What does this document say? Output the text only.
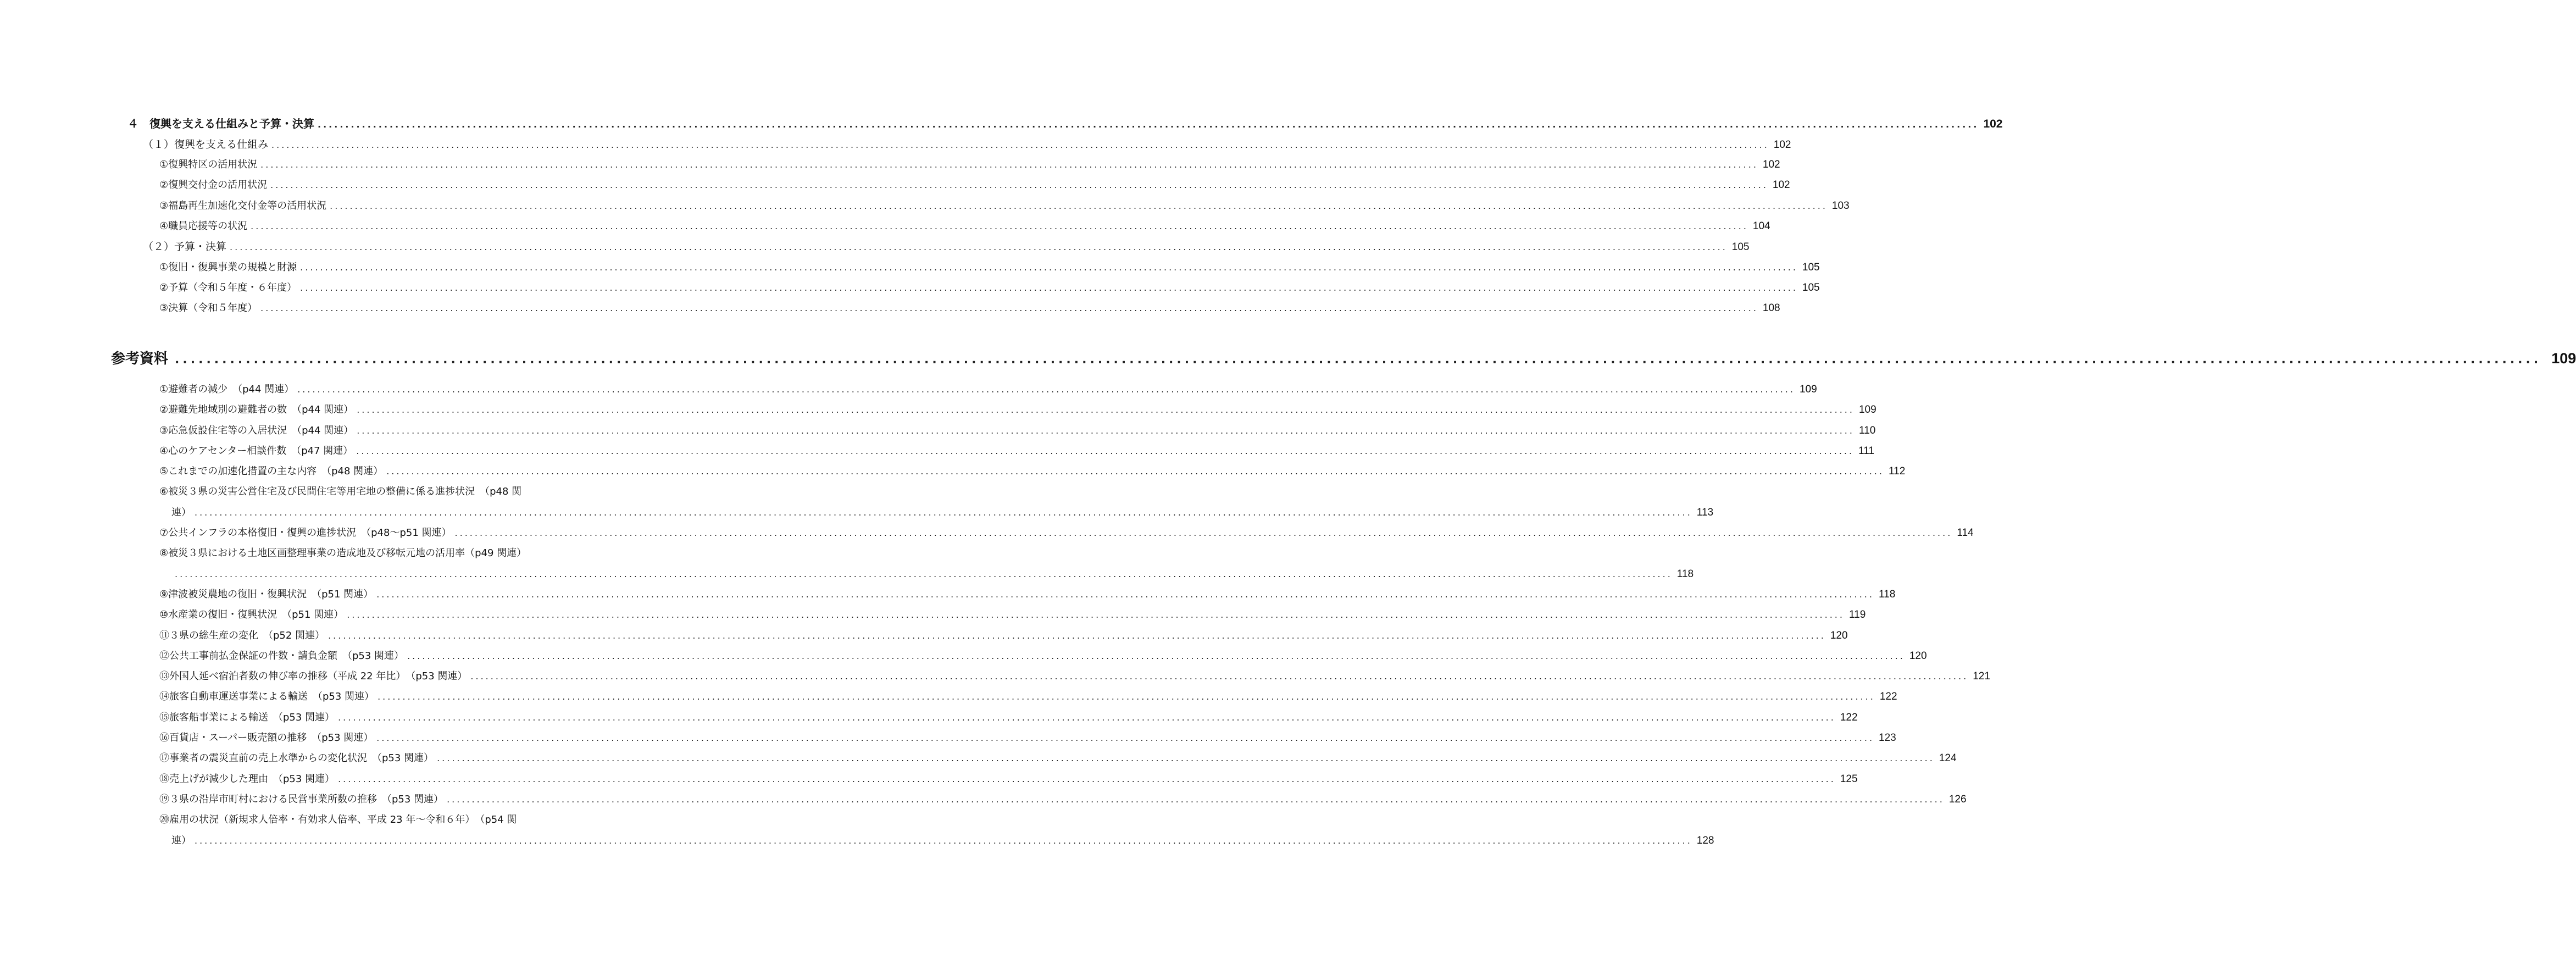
４　復興を支える仕組みと予算・決算 ............................................................................................................................................................................................................................................................................................................ 102
（１）復興を支える仕組み ............................................................................................................................................................................................................................................................................................................ 102
①復興特区の活用状況 ............................................................................................................................................................................................................................................................................................................ 102
②復興交付金の活用状況 ............................................................................................................................................................................................................................................................................................................ 102
③福島再生加速化交付金等の活用状況 ............................................................................................................................................................................................................................................................................................................ 103
④職員応援等の状況 ............................................................................................................................................................................................................................................................................................................ 104
（２）予算・決算 ............................................................................................................................................................................................................................................................................................................ 105
①復旧・復興事業の規模と財源 ............................................................................................................................................................................................................................................................................................................ 105
②予算（令和５年度・６年度） ............................................................................................................................................................................................................................................................................................................ 105
③決算（令和５年度） ............................................................................................................................................................................................................................................................................................................ 108
参考資料 ............................................................................................................................................................................................................................................................................................................ 109
①避難者の減少　（p44 関連） ............................................................................................................................................................................................................................................................................................................ 109
②避難先地域別の避難者の数　（p44 関連） ............................................................................................................................................................................................................................................................................................................ 109
③応急仮設住宅等の入居状況　（p44 関連） ............................................................................................................................................................................................................................................................................................................ 110
④心のケアセンター相談件数　（p47 関連） ............................................................................................................................................................................................................................................................................................................ 111
⑤これまでの加速化措置の主な内容　（p48 関連） ............................................................................................................................................................................................................................................................................................................ 112
⑥被災３県の災害公営住宅及び民間住宅等用宅地の整備に係る進捗状況　（p48 関
連） ............................................................................................................................................................................................................................................................................................................ 113
⑦公共インフラの本格復旧・復興の進捗状況　（p48～p51 関連） ............................................................................................................................................................................................................................................................................................................ 114
⑧被災３県における土地区画整理事業の造成地及び移転元地の活用率（p49 関連）
............................................................................................................................................................................................................................................................................................................ 118
⑨津波被災農地の復旧・復興状況　（p51 関連） ............................................................................................................................................................................................................................................................................................................ 118
⑩水産業の復旧・復興状況　（p51 関連） ............................................................................................................................................................................................................................................................................................................ 119
⑪３県の総生産の変化　（p52 関連） ............................................................................................................................................................................................................................................................................................................ 120
⑫公共工事前払金保証の件数・請負金額　（p53 関連） ............................................................................................................................................................................................................................................................................................................ 120
⑬外国人延べ宿泊者数の伸び率の推移（平成 22 年比）　（p53 関連） ............................................................................................................................................................................................................................................................................................................ 121
⑭旅客自動車運送事業による輸送　（p53 関連） ............................................................................................................................................................................................................................................................................................................ 122
⑮旅客船事業による輸送　（p53 関連） ............................................................................................................................................................................................................................................................................................................ 122
⑯百貨店・スーパー販売額の推移　（p53 関連） ............................................................................................................................................................................................................................................................................................................ 123
⑰事業者の震災直前の売上水準からの変化状況　（p53 関連） ............................................................................................................................................................................................................................................................................................................ 124
⑱売上げが減少した理由　（p53 関連） ............................................................................................................................................................................................................................................................................................................ 125
⑲３県の沿岸市町村における民営事業所数の推移　（p53 関連） ............................................................................................................................................................................................................................................................................................................ 126
⑳雇用の状況（新規求人倍率・有効求人倍率、平成 23 年～令和６年）　（p54 関
連） ............................................................................................................................................................................................................................................................................................................ 128
